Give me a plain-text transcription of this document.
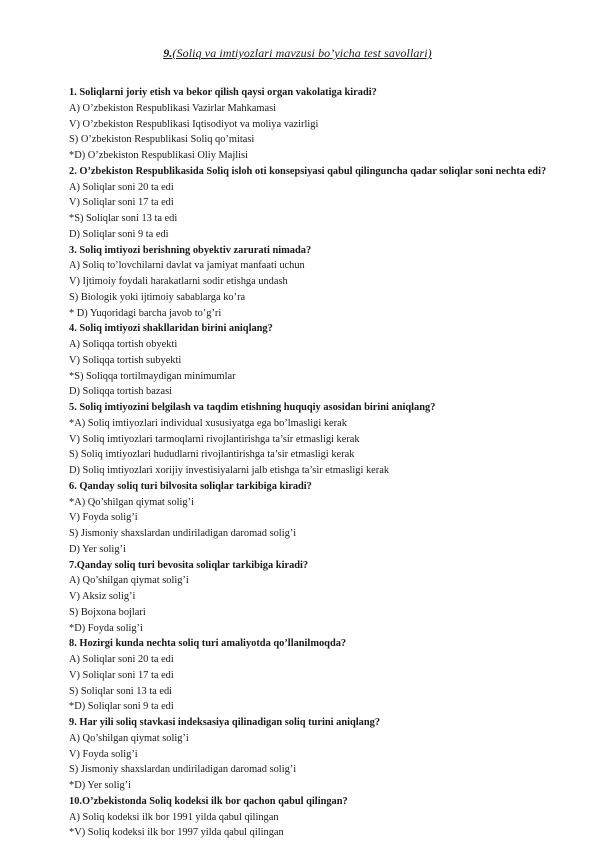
9.(Soliq va imtiyozlari mavzusi bo’yicha test savollari)
1. Soliqlarni joriy etish va bekor qilish qaysi organ vakolatiga kiradi?
A) O’zbekiston Respublikasi Vazirlar Mahkamasi
V) O’zbekiston Respublikasi Iqtisodiyot va moliya vazirligi
S) O’zbekiston Respublikasi Soliq qo’mitasi
*D) O’zbekiston Respublikasi Oliy Majlisi
2. O’zbekiston Respublikasida Soliq isloh oti konsepsiyasi qabul qilinguncha qadar soliqlar soni nechta edi?
A) Soliqlar soni 20 ta edi
V) Soliqlar soni 17 ta edi
*S) Soliqlar soni 13 ta edi
D) Soliqlar soni 9 ta edi
3. Soliq imtiyozi berishning obyektiv zarurati nimada?
A) Soliq to’lovchilarni davlat va jamiyat manfaati uchun
V) Ijtimoiy foydali harakatlarni sodir etishga undash
S) Biologik yoki ijtimoiy sabablarga ko’ra
* D) Yuqoridagi barcha javob to’g’ri
4. Soliq imtiyozi shakllaridan birini aniqlang?
A) Soliqqa tortish obyekti
V) Soliqqa tortish subyekti
*S) Soliqqa tortilmaydigan minimumlar
D) Soliqqa tortish bazasi
5. Soliq imtiyozini belgilash va taqdim etishning huquqiy asosidan birini aniqlang?
*A) Soliq imtiyozlari individual xususiyatga ega bo’lmasligi kerak
V) Soliq imtiyozlari tarmoqlarni rivojlantirishga ta’sir etmasligi kerak
S) Soliq imtiyozlari hududlarni rivojlantirishga ta’sir etmasligi kerak
D) Soliq imtiyozlari xorijiy investisiyalarni jalb etishga ta’sir etmasligi kerak
6. Qanday soliq turi bilvosita soliqlar tarkibiga kiradi?
*A) Qo’shilgan qiymat solig’i
V) Foyda solig’i
S) Jismoniy shaxslardan undiriladigan daromad solig’i
D) Yer solig’i
7.Qanday soliq turi bevosita soliqlar tarkibiga kiradi?
A) Qo’shilgan qiymat solig’i
V) Aksiz solig’i
S) Bojxona bojlari
*D) Foyda solig’i
8. Hozirgi kunda nechta soliq turi amaliyotda qo’llanilmoqda?
A) Soliqlar soni 20 ta edi
V) Soliqlar soni 17 ta edi
S) Soliqlar soni 13 ta edi
*D) Soliqlar soni 9 ta edi
9. Har yili soliq stavkasi indeksasiya qilinadigan soliq turini aniqlang?
A) Qo’shilgan qiymat solig’i
V) Foyda solig’i
S) Jismoniy shaxslardan undiriladigan daromad solig’i
*D) Yer solig’i
10.O’zbekistonda Soliq kodeksi ilk bor qachon qabul qilingan?
A) Soliq kodeksi ilk bor 1991 yilda qabul qilingan
*V) Soliq kodeksi ilk bor 1997 yilda qabul qilingan
